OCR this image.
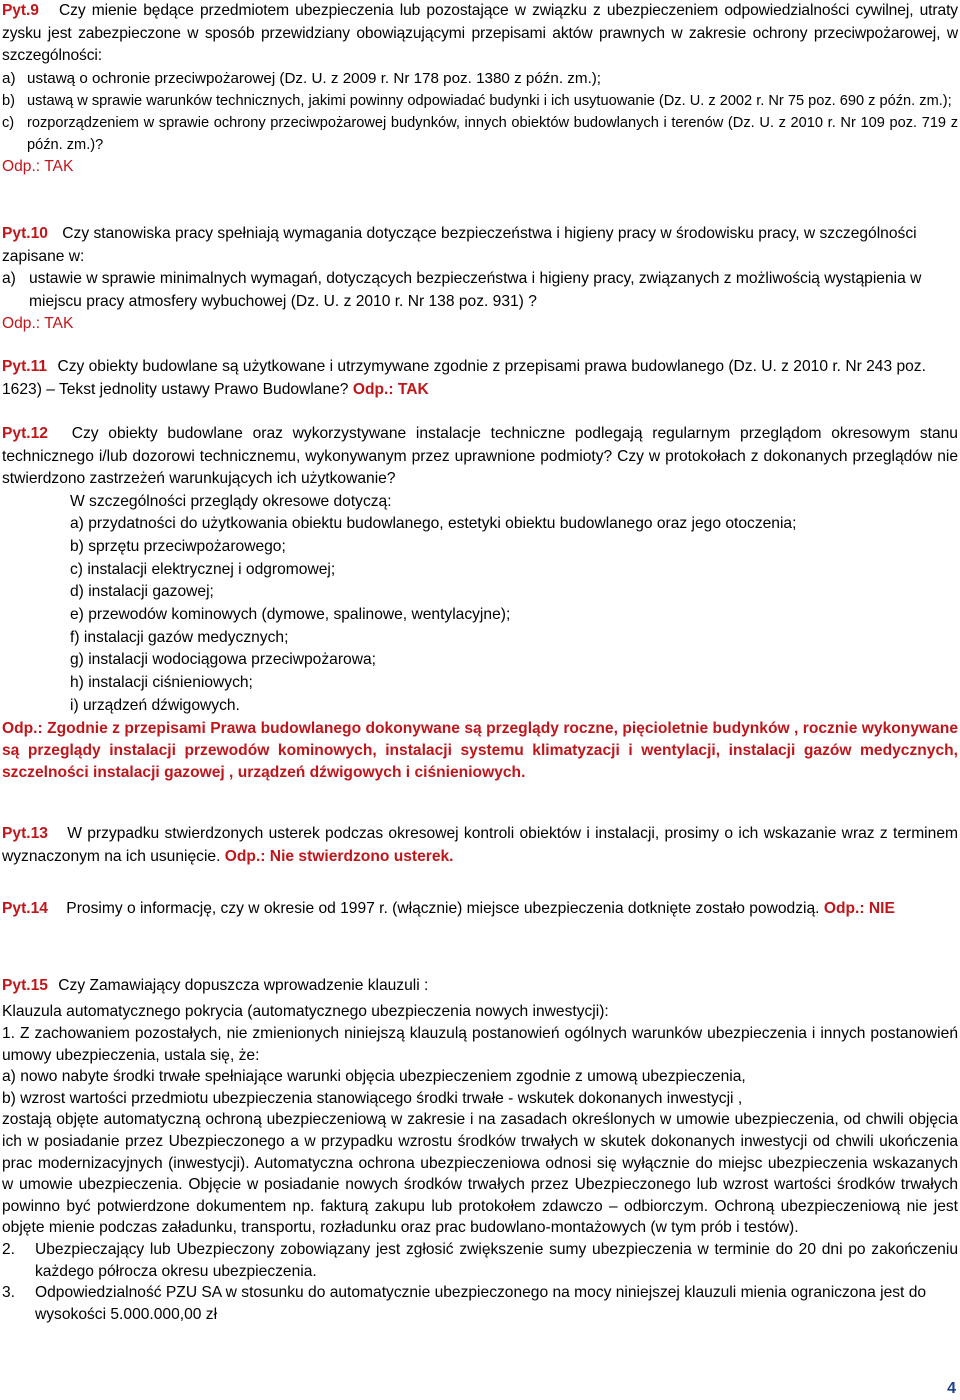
Pyt.9 Czy mienie będące przedmiotem ubezpieczenia lub pozostające w związku z ubezpieczeniem odpowiedzialności cywilnej, utraty zysku jest zabezpieczone w sposób przewidziany obowiązującymi przepisami aktów prawnych w zakresie ochrony przeciwpożarowej, w szczególności:

a) ustawą o ochronie przeciwpożarowej (Dz. U. z 2009 r. Nr 178 poz. 1380 z późn. zm.);
b) ustawą w sprawie warunków technicznych, jakimi powinny odpowiadać budynki i ich usytuowanie (Dz. U. z 2002 r. Nr 75 poz. 690 z późn. zm.);
c) rozporządzeniem w sprawie ochrony przeciwpożarowej budynków, innych obiektów budowlanych i terenów (Dz. U. z 2010 r. Nr 109 poz. 719 z późn. zm.)?

Odp.: TAK

Pyt.10 Czy stanowiska pracy spełniają wymagania dotyczące bezpieczeństwa i higieny pracy w środowisku pracy, w szczególności zapisane w:

a) ustawie w sprawie minimalnych wymagań, dotyczących bezpieczeństwa i higieny pracy, związanych z możliwością wystąpienia w miejscu pracy atmosfery wybuchowej (Dz. U. z 2010 r. Nr 138 poz. 931) ?

Odp.: TAK

Pyt.11 Czy obiekty budowlane są użytkowane i utrzymywane zgodnie z przepisami prawa budowlanego (Dz. U. z 2010 r. Nr 243 poz. 1623) – Tekst jednolity ustawy Prawo Budowlane? Odp.: TAK

Pyt.12 Czy obiekty budowlane oraz wykorzystywane instalacje techniczne podlegają regularnym przeglądom okresowym stanu technicznego i/lub dozorowi technicznemu, wykonywanym przez uprawnione podmioty? Czy w protokołach z dokonanych przeglądów nie stwierdzono zastrzeżeń warunkujących ich użytkowanie?

W szczególności przeglądy okresowe dotyczą:

a) przydatności do użytkowania obiektu budowlanego, estetyki obiektu budowlanego oraz jego otoczenia;

b) sprzętu przeciwpożarowego;

c) instalacji elektrycznej i odgromowej;

d) instalacji gazowej;

e) przewodów kominowych (dymowe, spalinowe, wentylacyjne);

f) instalacji gazów medycznych;

g) instalacji wodociągowa przeciwpożarowa;

h) instalacji ciśnieniowych;

i) urządzeń dźwigowych.

Odp.: Zgodnie z przepisami Prawa budowlanego dokonywane są przeglądy roczne, pięcioletnie budynków , rocznie wykonywane są przeglądy instalacji przewodów kominowych, instalacji systemu klimatyzacji i wentylacji, instalacji gazów medycznych, szczelności instalacji gazowej , urządzeń dźwigowych i ciśnieniowych.

Pyt.13 W przypadku stwierdzonych usterek podczas okresowej kontroli obiektów i instalacji, prosimy o ich wskazanie wraz z terminem wyznaczonym na ich usunięcie. Odp.: Nie stwierdzono usterek.

Pyt.14 Prosimy o informację, czy w okresie od 1997 r. (włącznie) miejsce ubezpieczenia dotknięte zostało powodzią. Odp.: NIE

Pyt.15 Czy Zamawiający dopuszcza wprowadzenie klauzuli :

Klauzula automatycznego pokrycia (automatycznego ubezpieczenia nowych inwestycji):

1. Z zachowaniem pozostałych, nie zmienionych niniejszą klauzulą postanowień ogólnych warunków ubezpieczenia i innych postanowień umowy ubezpieczenia, ustala się, że:

a) nowo nabyte środki trwałe spełniające warunki objęcia ubezpieczeniem zgodnie z umową ubezpieczenia,

b) wzrost wartości przedmiotu ubezpieczenia stanowiącego środki trwałe - wskutek dokonanych inwestycji ,

zostają objęte automatyczną ochroną ubezpieczeniową w zakresie i na zasadach określonych w umowie ubezpieczenia, od chwili objęcia ich w posiadanie przez Ubezpieczonego a w przypadku wzrostu środków trwałych w skutek dokonanych inwestycji od chwili ukończenia prac modernizacyjnych (inwestycji). Automatyczna ochrona ubezpieczeniowa odnosi się wyłącznie do miejsc ubezpieczenia wskazanych w umowie ubezpieczenia. Objęcie w posiadanie nowych środków trwałych przez Ubezpieczonego lub wzrost wartości środków trwałych powinno być potwierdzone dokumentem np. fakturą zakupu lub protokołem zdawczo – odbiorczym. Ochroną ubezpieczeniową nie jest objęte mienie podczas załadunku, transportu, rozładunku oraz prac budowlano-montażowych (w tym prób i testów).

2.	Ubezpieczający lub Ubezpieczony zobowiązany jest zgłosić zwiększenie sumy ubezpieczenia w terminie do 20 dni po zakończeniu każdego półrocza okresu ubezpieczenia.
3.	Odpowiedzialność PZU SA w stosunku do automatycznie ubezpieczonego na mocy niniejszej klauzuli mienia ograniczona jest do wysokości 5.000.000,00 zł
4
